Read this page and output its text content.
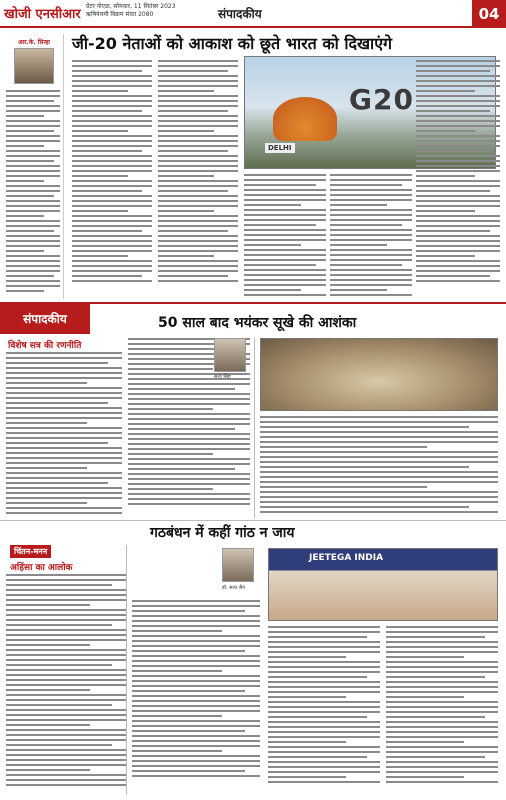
खोजी एनसीआर
ग्रेटर नोएडा, सोमवार, 11 सितंबर 2023
ऋषिपंचमी विक्रम संवत 2080	संपादकीय	04
आर.के. सिन्हा	जी-20 नेताओं को आकाश को छूते भारत को दिखाएंगे
G20
DELHI
संपादकीय	50 साल बाद भयंकर सूखे की आशंका
विशेष सत्र की रणनीति
सत्य सिंह
गठबंधन में कहीं गांठ न जाय
चिंतन-मनन
अहिंसा का आलोक
डॉ. सत्य जैन
JEETEGA INDIA
